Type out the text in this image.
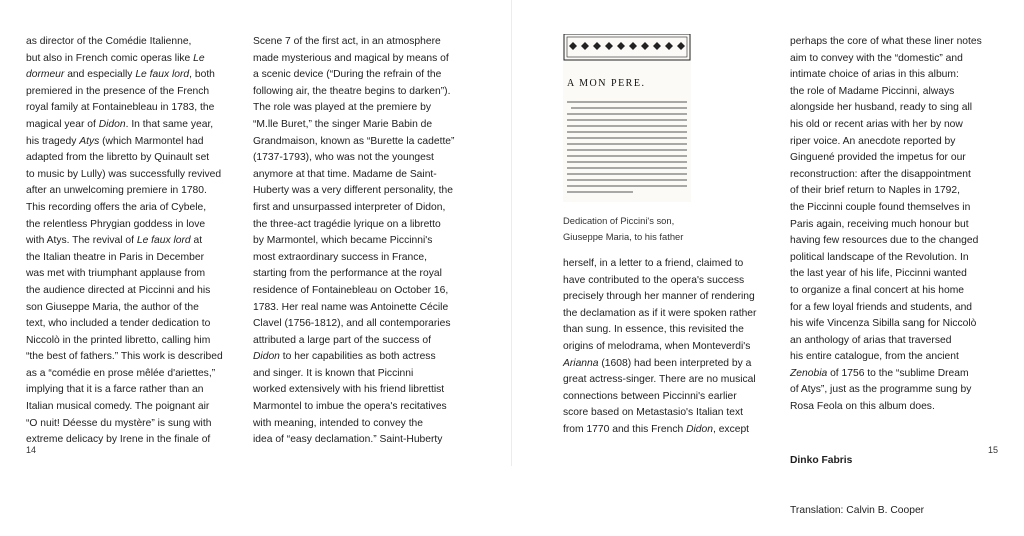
as director of the Comédie Italienne,
but also in French comic operas like Le
dormeur and especially Le faux lord, both
premiered in the presence of the French
royal family at Fontainebleau in 1783, the
magical year of Didon. In that same year,
his tragedy Atys (which Marmontel had
adapted from the libretto by Quinault set
to music by Lully) was successfully revived
after an unwelcoming premiere in 1780.
This recording offers the aria of Cybele,
the relentless Phrygian goddess in love
with Atys. The revival of Le faux lord at
the Italian theatre in Paris in December
was met with triumphant applause from
the audience directed at Piccinni and his
son Giuseppe Maria, the author of the
text, who included a tender dedication to
Niccolò in the printed libretto, calling him
“the best of fathers.” This work is described
as a “comédie en prose mêlée d'ariettes,”
implying that it is a farce rather than an
Italian musical comedy. The poignant air
“O nuit! Déesse du mystère” is sung with
extreme delicacy by Irene in the finale of
Scene 7 of the first act, in an atmosphere
made mysterious and magical by means of
a scenic device (“During the refrain of the
following air, the theatre begins to darken”).
The role was played at the premiere by
“M.lle Buret,” the singer Marie Babin de
Grandmaison, known as “Burette la cadette”
(1737-1793), who was not the youngest
anymore at that time. Madame de Saint-
Huberty was a very different personality, the
first and unsurpassed interpreter of Didon,
the three-act tragédie lyrique on a libretto
by Marmontel, which became Piccinni's
most extraordinary success in France,
starting from the performance at the royal
residence of Fontainebleau on October 16,
1783. Her real name was Antoinette Cécile
Clavel (1756-1812), and all contemporaries
attributed a large part of the success of
Didon to her capabilities as both actress
and singer. It is known that Piccinni
worked extensively with his friend librettist
Marmontel to imbue the opera's recitatives
with meaning, intended to convey the
idea of “easy declamation.” Saint-Huberty
14
A MON PERE.
Dedication of Piccini's son,
Giuseppe Maria, to his father
herself, in a letter to a friend, claimed to
have contributed to the opera's success
precisely through her manner of rendering
the declamation as if it were spoken rather
than sung. In essence, this revisited the
origins of melodrama, when Monteverdi's
Arianna (1608) had been interpreted by a
great actress-singer. There are no musical
connections between Piccinni's earlier
score based on Metastasio's Italian text
from 1770 and this French Didon, except
perhaps the core of what these liner notes
aim to convey with the “domestic” and
intimate choice of arias in this album:
the role of Madame Piccinni, always
alongside her husband, ready to sing all
his old or recent arias with her by now
riper voice. An anecdote reported by
Ginguené provided the impetus for our
reconstruction: after the disappointment
of their brief return to Naples in 1792,
the Piccinni couple found themselves in
Paris again, receiving much honour but
having few resources due to the changed
political landscape of the Revolution. In
the last year of his life, Piccinni wanted
to organize a final concert at his home
for a few loyal friends and students, and
his wife Vincenza Sibilla sang for Niccolò
an anthology of arias that traversed
his entire catalogue, from the ancient
Zenobia of 1756 to the “sublime Dream
of Atys”, just as the programme sung by
Rosa Feola on this album does.

Dinko Fabris

Translation: Calvin B. Cooper

15
